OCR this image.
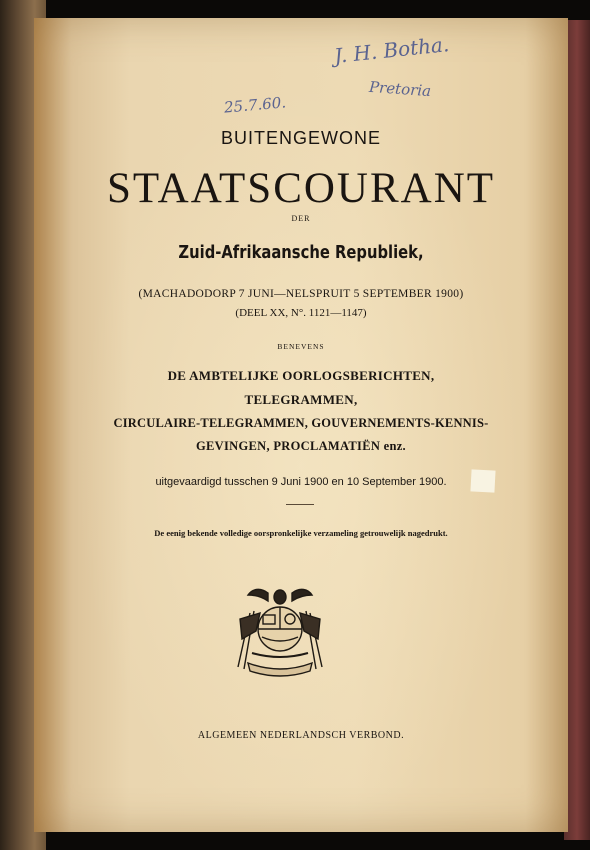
J. H. Botha.
Pretoria
25.7.60.
BUITENGEWONE
STAATSCOURANT
DER
Zuid-Afrikaansche Republiek,
(MACHADODORP 7 JUNI—NELSPRUIT 5 SEPTEMBER 1900)
(DEEL XX, N°. 1121—1147)
BENEVENS
DE AMBTELIJKE OORLOGSBERICHTEN,
TELEGRAMMEN,
CIRCULAIRE-TELEGRAMMEN, GOUVERNEMENTS-KENNIS-
GEVINGEN, PROCLAMATIËN enz.
uitgevaardigd tusschen 9 Juni 1900 en 10 September 1900.
De eenig bekende volledige oorspronkelijke verzameling getrouwelijk nagedrukt.
ALGEMEEN NEDERLANDSCH VERBOND.
